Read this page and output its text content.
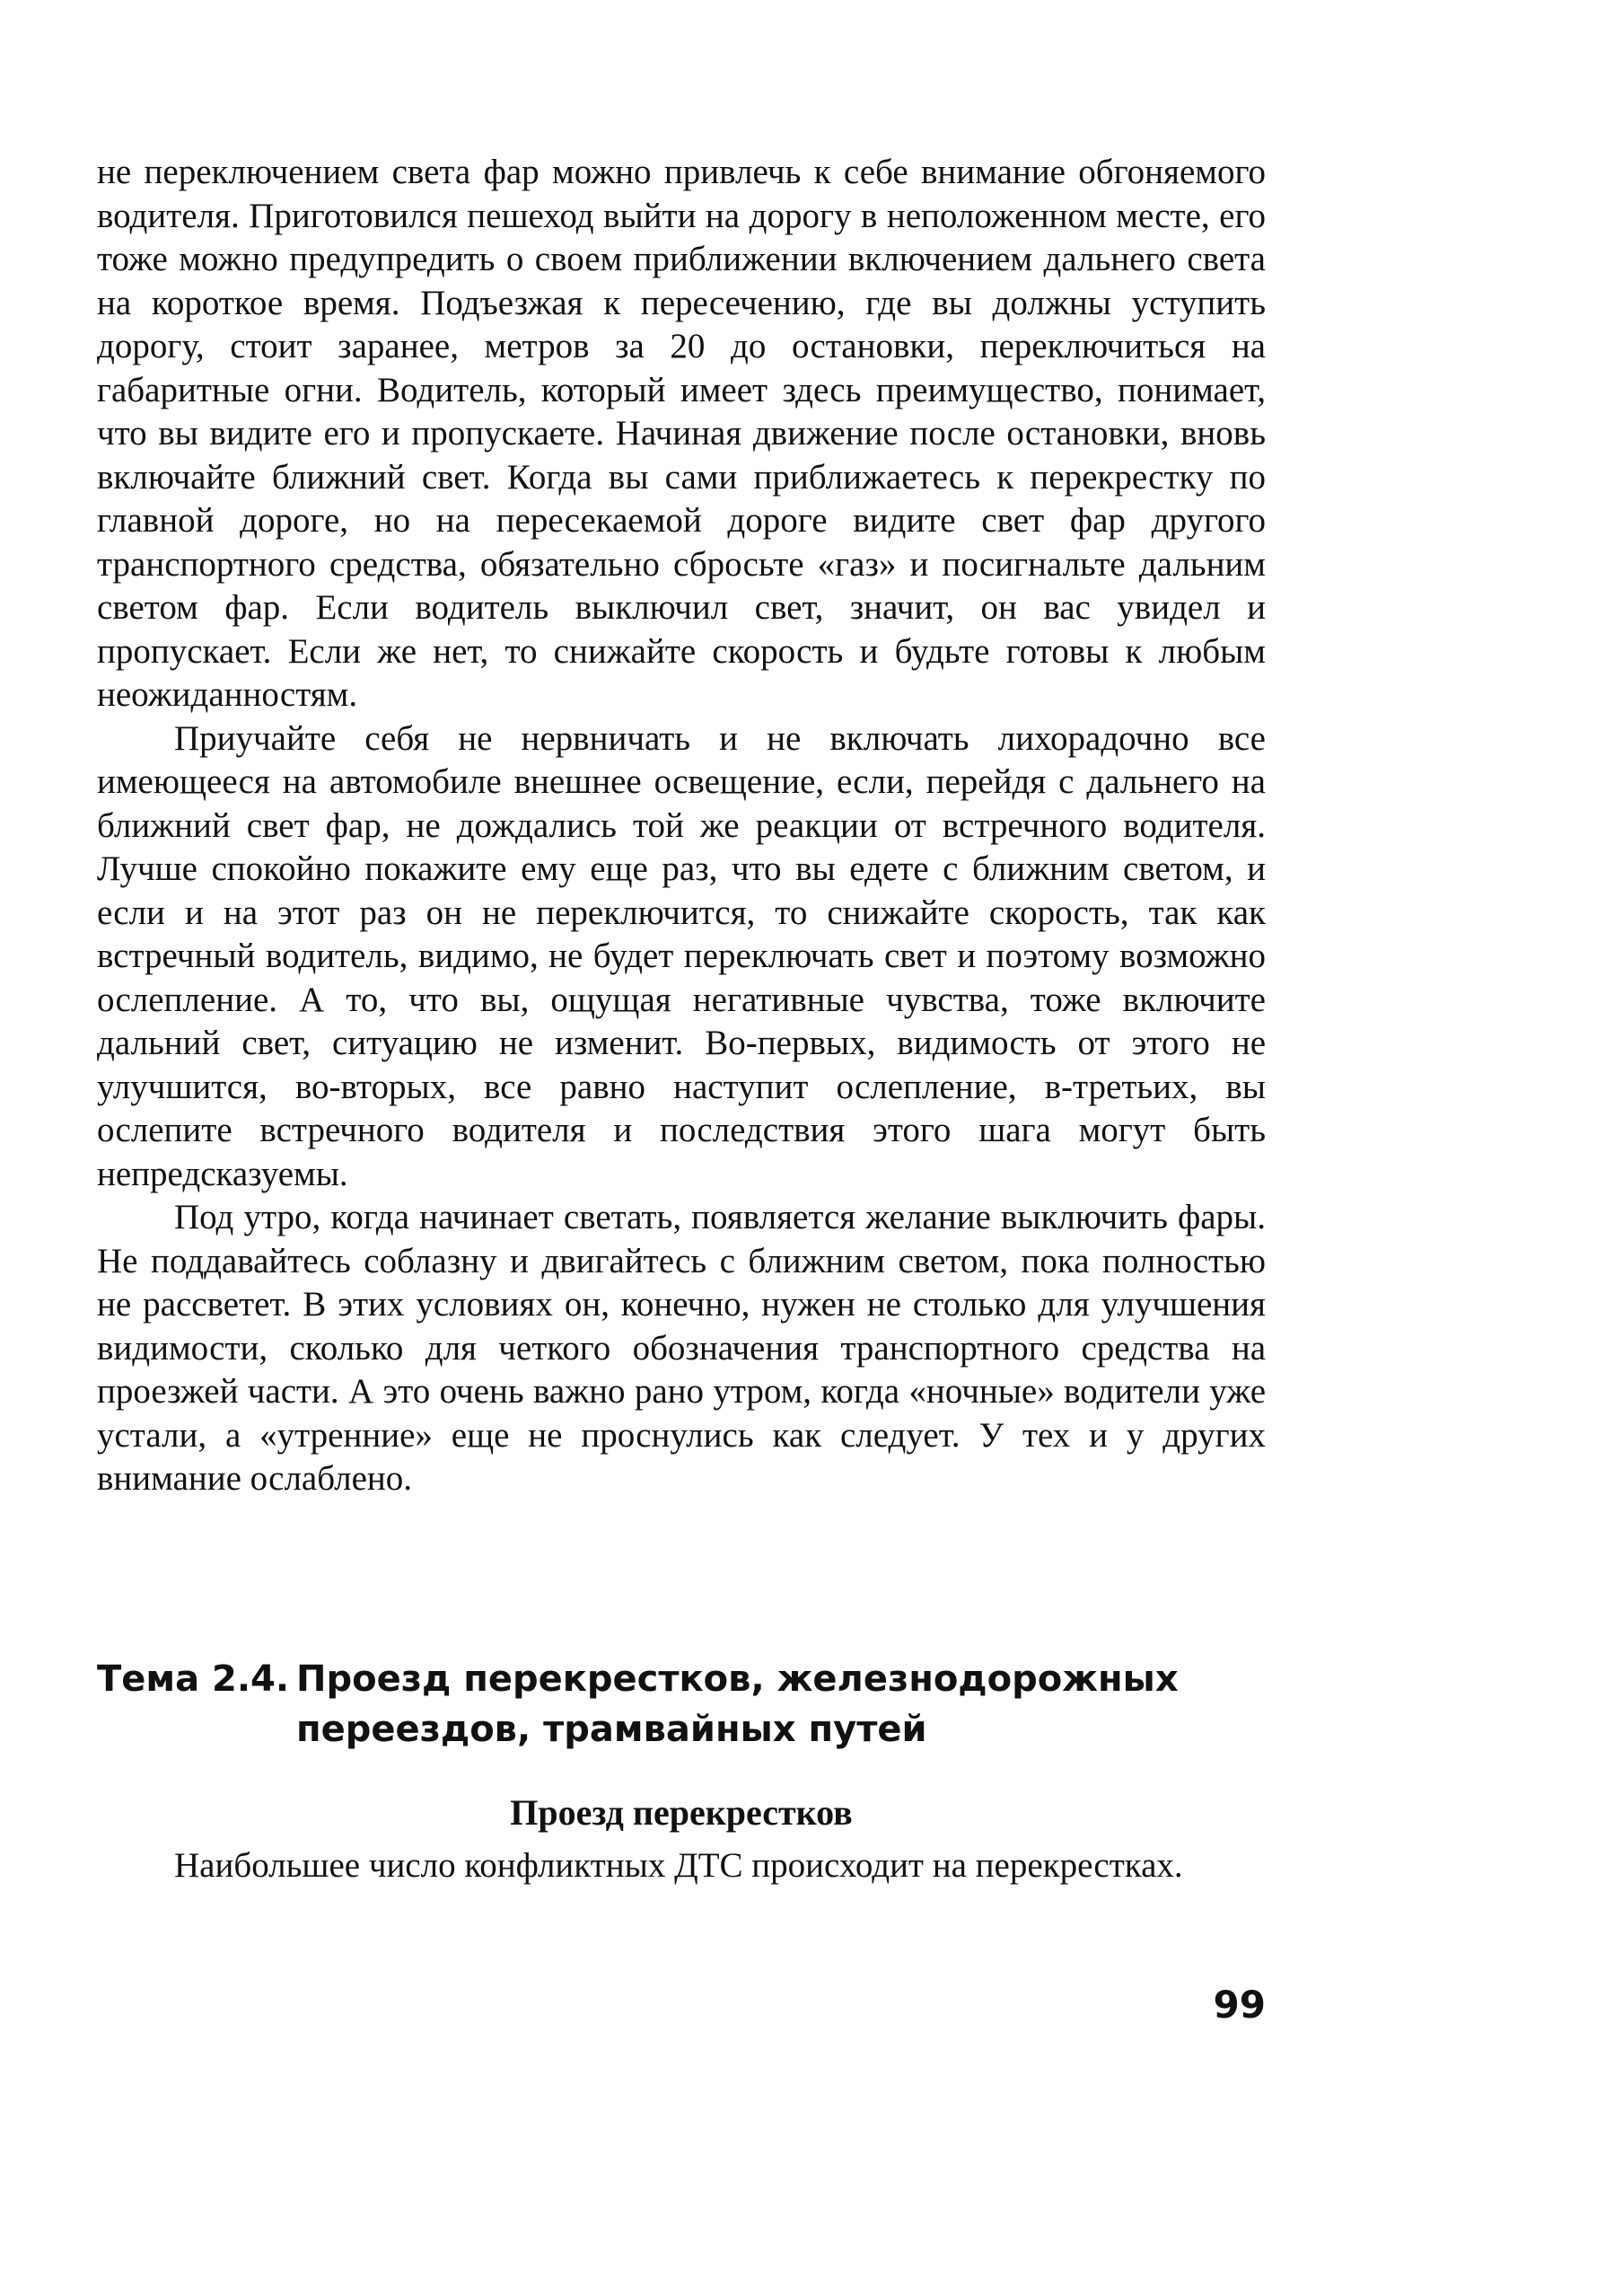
не переключением света фар можно привлечь к себе внимание обгоняемого водителя. Приготовился пешеход выйти на дорогу в неположенном месте, его тоже можно предупредить о своем приближении включением дальнего света на короткое время. Подъезжая к пересечению, где вы должны уступить дорогу, стоит заранее, метров за 20 до остановки, переключиться на габаритные огни. Водитель, который имеет здесь преимущество, понимает, что вы видите его и пропускаете. Начиная движение после остановки, вновь включайте ближний свет. Когда вы сами приближаетесь к перекрестку по главной дороге, но на пересекаемой дороге видите свет фар другого транспортного средства, обязательно сбросьте «газ» и посигнальте дальним светом фар. Если водитель выключил свет, значит, он вас увидел и пропускает. Если же нет, то снижайте скорость и будьте готовы к любым неожиданностям.

Приучайте себя не нервничать и не включать лихорадочно все имеющееся на автомобиле внешнее освещение, если, перейдя с дальнего на ближний свет фар, не дождались той же реакции от встречного водителя. Лучше спокойно покажите ему еще раз, что вы едете с ближним светом, и если и на этот раз он не переключится, то снижайте скорость, так как встречный водитель, видимо, не будет переключать свет и поэтому возможно ослепление. А то, что вы, ощущая негативные чувства, тоже включите дальний свет, ситуацию не изменит. Во-первых, видимость от этого не улучшится, во-вторых, все равно наступит ослепление, в-третьих, вы ослепите встречного водителя и последствия этого шага могут быть непредсказуемы.

Под утро, когда начинает светать, появляется желание выключить фары. Не поддавайтесь соблазну и двигайтесь с ближним светом, пока полностью не рассветет. В этих условиях он, конечно, нужен не столько для улучшения видимости, сколько для четкого обозначения транспортного средства на проезжей части. А это очень важно рано утром, когда «ночные» водители уже устали, а «утренние» еще не проснулись как следует. У тех и у других внимание ослаблено.

Тема 2.4. Проезд перекрестков, железнодорожных переездов, трамвайных путей
Проезд перекрестков

Наибольшее число конфликтных ДТС происходит на перекрестках.

99
